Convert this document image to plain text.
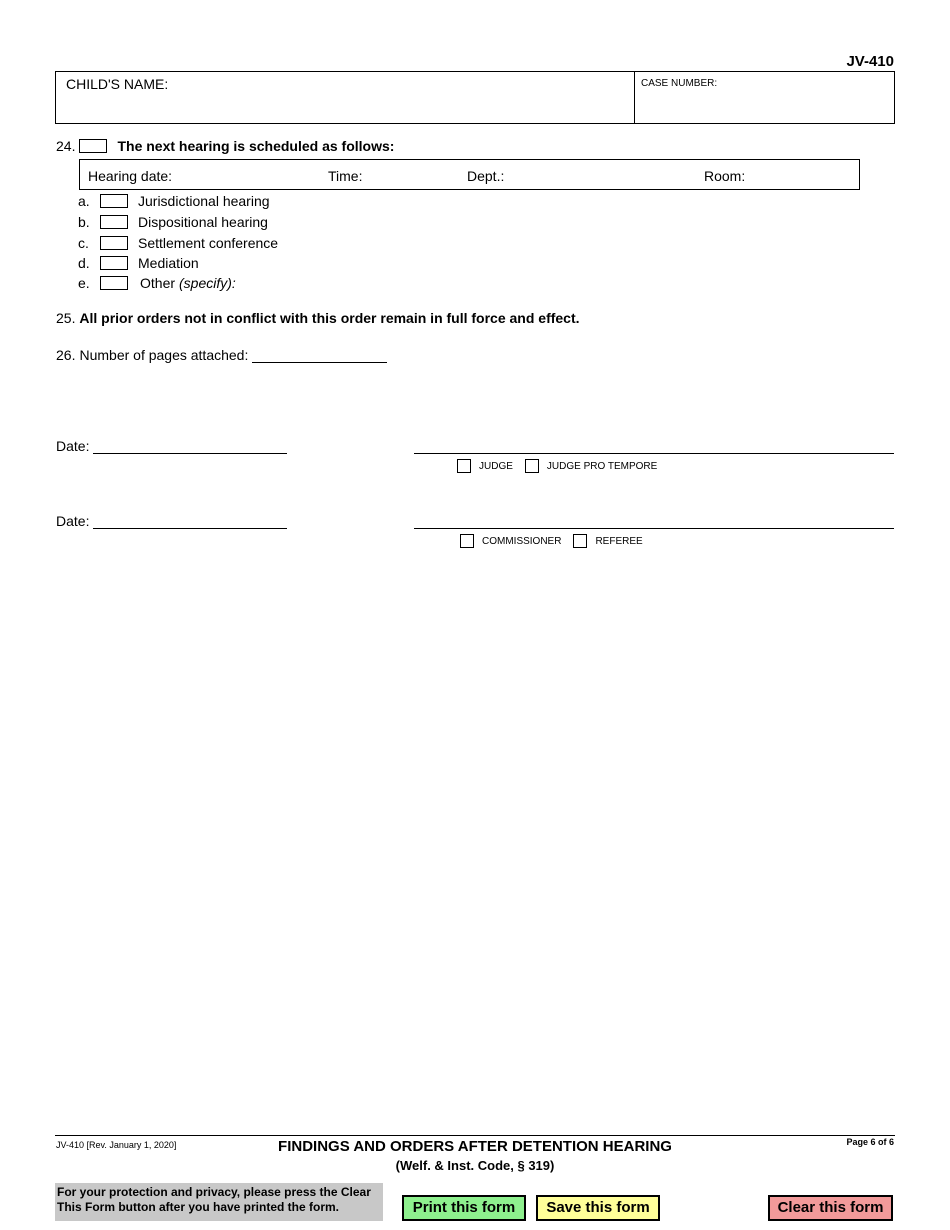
JV-410
CHILD'S NAME:	CASE NUMBER:
24.	The next hearing is scheduled as follows:
Hearing date:	Time:	Dept.:	Room:
a.	Jurisdictional hearing
b.	Dispositional hearing
c.	Settlement conference
d.	Mediation
e.	Other (specify):
25. All prior orders not in conflict with this order remain in full force and effect.
26. Number of pages attached:
Date:
JUDGE	JUDGE PRO TEMPORE
Date:
COMMISSIONER	REFEREE
JV-410 [Rev. January 1, 2020]	FINDINGS AND ORDERS AFTER DETENTION HEARING
(Welf. & Inst. Code, § 319)
Page 6 of 6
For your protection and privacy, please press the Clear This Form button after you have printed the form.	Print this form	Save this form	Clear this form
